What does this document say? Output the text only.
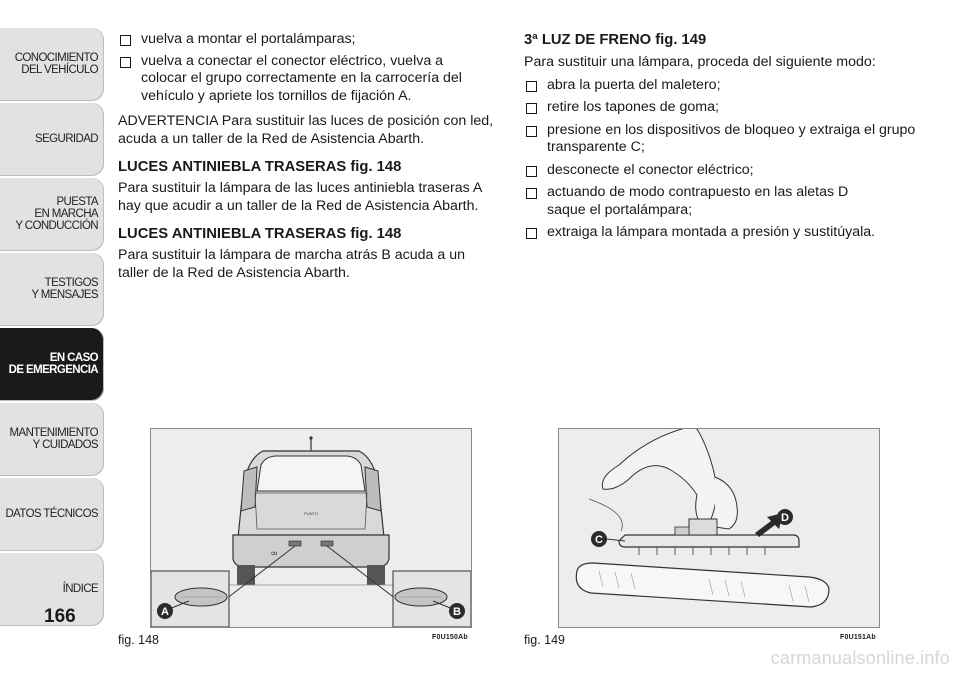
CONOCIMIENTO
DEL VEHÍCULO
SEGURIDAD
PUESTA
EN MARCHA
Y CONDUCCIÓN
TESTIGOS
Y MENSAJES
EN CASO
DE EMERGENCIA
MANTENIMIENTO
Y CUIDADOS
DATOS TÉCNICOS
ÍNDICE
166
vuelva a montar el portalámparas;
vuelva a conectar el conector eléctrico, vuelva a colocar el grupo correctamente en la carrocería del vehículo y apriete los tornillos de fijación A.

ADVERTENCIA Para sustituir las luces de posición con led, acuda a un taller de la Red de Asistencia Abarth.

LUCES ANTINIEBLA TRASERAS fig. 148

Para sustituir la lámpara de las luces antiniebla traseras A hay que acudir a un taller de la Red de Asistencia Abarth.

LUCES ANTINIEBLA TRASERAS fig. 148

Para sustituir la lámpara de marcha atrás B acuda a un taller de la Red de Asistencia Abarth.

3ª LUZ DE FRENO fig. 149

Para sustituir una lámpara, proceda del siguiente modo:

abra la puerta del maletero;
retire los tapones de goma;
presione en los dispositivos de bloqueo y extraiga el grupo transparente C;
desconecte el conector eléctrico;
actuando de modo contrapuesto en las aletas D saque el portalámpara;
extraiga la lámpara montada a presión y sustitúyala.
PUNTO
∞
A	B
fig. 148	F0U150Ab
C
D
fig. 149	F0U151Ab
carmanualsonline.info
